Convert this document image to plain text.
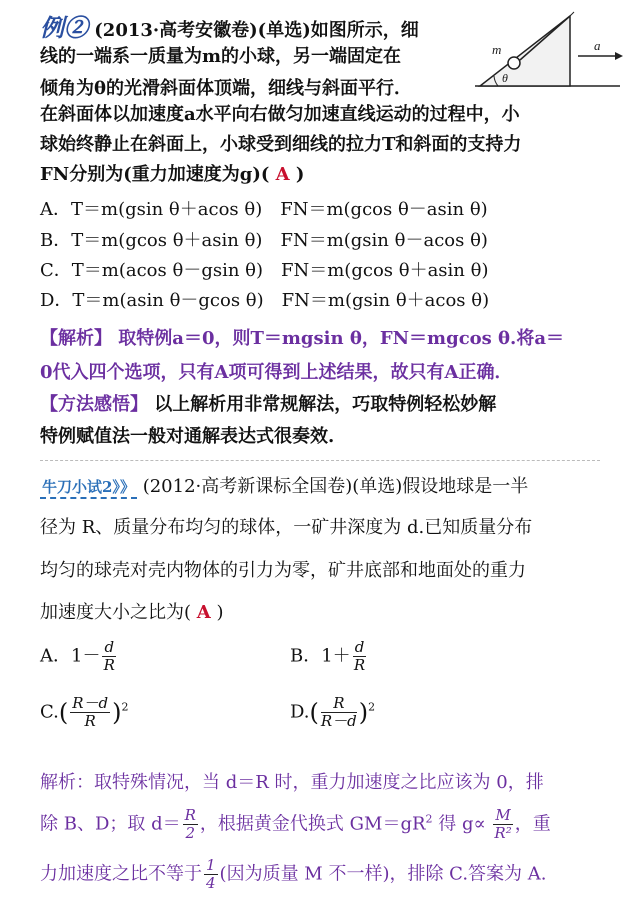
例② (2013·高考安徽卷)(单选)如图所示，细
线的一端系一质量为m的小球，另一端固定在
倾角为θ的光滑斜面体顶端，细线与斜面平行．
在斜面体以加速度a水平向右做匀加速直线运动的过程中，小
球始终静止在斜面上，小球受到细线的拉力T和斜面的支持力
FN分别为(重力加速度为g)( A )
m	a
θ
A．T＝m(gsin θ＋acos θ)　FN＝m(gcos θ－asin θ)
B．T＝m(gcos θ＋asin θ)　FN＝m(gsin θ－acos θ)
C．T＝m(acos θ－gsin θ)　FN＝m(gcos θ＋asin θ)
D．T＝m(asin θ－gcos θ)　FN＝m(gsin θ＋acos θ)
【解析】 取特例a＝0，则T＝mgsin θ，FN＝mgcos θ.将a＝
0代入四个选项，只有A项可得到上述结果，故只有A正确．
【方法感悟】 以上解析用非常规解法，巧取特例轻松妙解
特例赋值法一般对通解表达式很奏效.
牛刀小试2》》 (2012·高考新课标全国卷)(单选)假设地球是一半
径为 R、质量分布均匀的球体，一矿井深度为 d.已知质量分布
均匀的球壳对壳内物体的引力为零，矿井底部和地面处的重力
加速度大小之比为( A )
A．$1- \frac{d}{R}$	B．$1+ \frac{d}{R}$
$C.( \frac{R-d}{R} )^2$	$D.( \frac{R}{R-d} )^2$
解析：取特殊情况，当 d＝R 时，重力加速度之比应该为 0，排
除 B、D；取 $d= \frac{R}{2}$ ，根据黄金代换式 $GM=gR^2$ 得 $g\propto \frac{M}{\text{R²}}$ ，重
力加速度之比不等于 $\frac{1}{4}$ (因为质量 M 不一样)，排除 C.答案为 A.
